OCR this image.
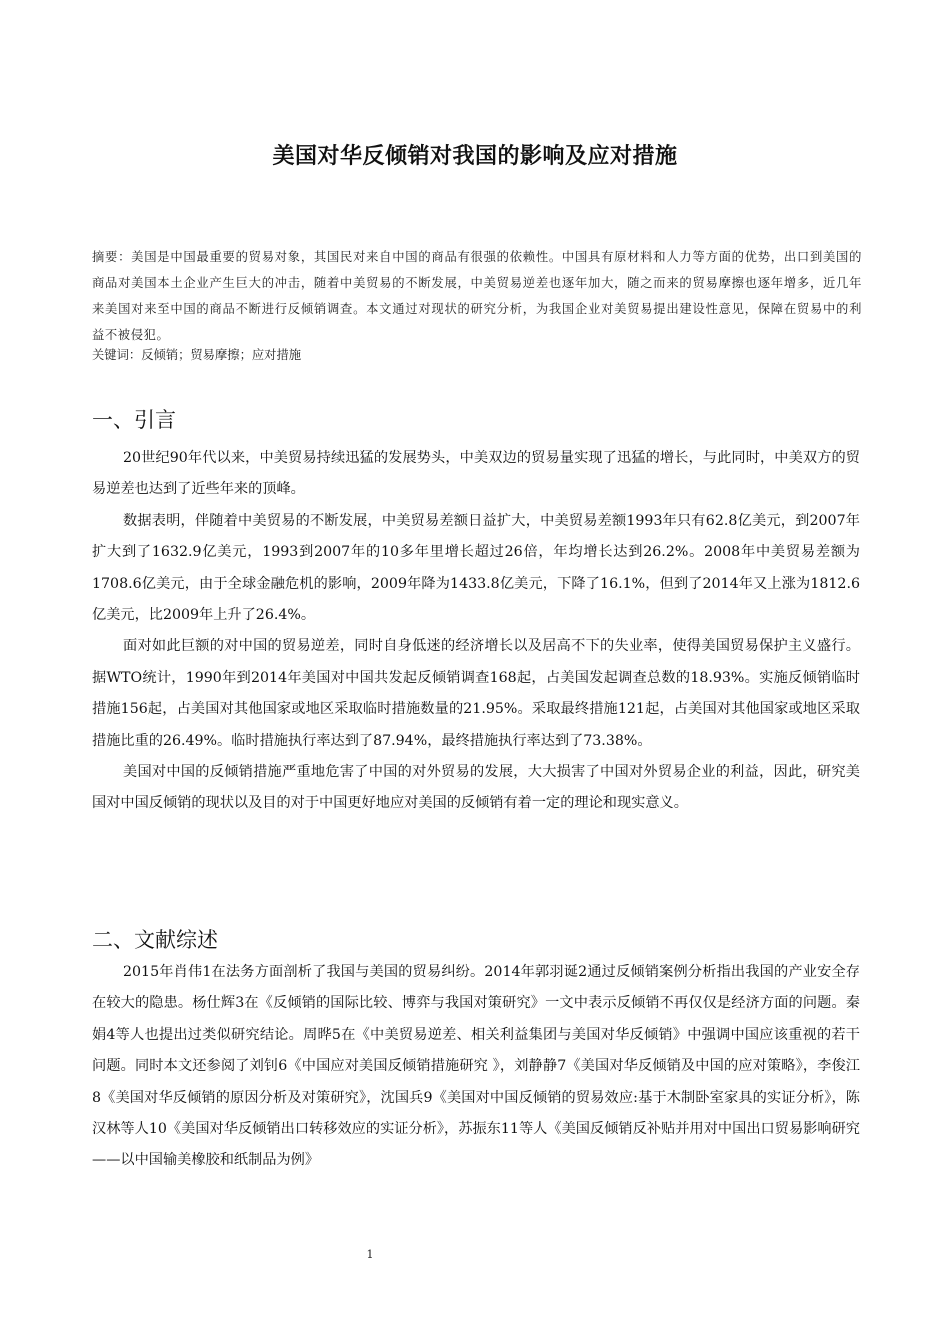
美国对华反倾销对我国的影响及应对措施

摘要：美国是中国最重要的贸易对象，其国民对来自中国的商品有很强的依赖性。中国具有原材料和人力等方面的优势，出口到美国的商品对美国本土企业产生巨大的冲击，随着中美贸易的不断发展，中美贸易逆差也逐年加大，随之而来的贸易摩擦也逐年增多，近几年来美国对来至中国的商品不断进行反倾销调查。本文通过对现状的研究分析，为我国企业对美贸易提出建设性意见，保障在贸易中的利益不被侵犯。

关键词：反倾销；贸易摩擦；应对措施

一、引言

20世纪90年代以来，中美贸易持续迅猛的发展势头，中美双边的贸易量实现了迅猛的增长，与此同时，中美双方的贸易逆差也达到了近些年来的顶峰。

数据表明，伴随着中美贸易的不断发展，中美贸易差额日益扩大，中美贸易差额1993年只有62.8亿美元，到2007年扩大到了1632.9亿美元，1993到2007年的10多年里增长超过26倍，年均增长达到26.2%。2008年中美贸易差额为1708.6亿美元，由于全球金融危机的影响，2009年降为1433.8亿美元，下降了16.1%，但到了2014年又上涨为1812.6亿美元，比2009年上升了26.4%。

面对如此巨额的对中国的贸易逆差，同时自身低迷的经济增长以及居高不下的失业率，使得美国贸易保护主义盛行。据WTO统计，1990年到2014年美国对中国共发起反倾销调查168起，占美国发起调查总数的18.93%。实施反倾销临时措施156起，占美国对其他国家或地区采取临时措施数量的21.95%。采取最终措施121起，占美国对其他国家或地区采取措施比重的26.49%。临时措施执行率达到了87.94%，最终措施执行率达到了73.38%。

美国对中国的反倾销措施严重地危害了中国的对外贸易的发展，大大损害了中国对外贸易企业的利益，因此，研究美国对中国反倾销的现状以及目的对于中国更好地应对美国的反倾销有着一定的理论和现实意义。

二、文献综述

2015年肖伟1在法务方面剖析了我国与美国的贸易纠纷。2014年郭羽诞2通过反倾销案例分析指出我国的产业安全存在较大的隐患。杨仕辉3在《反倾销的国际比较、博弈与我国对策研究》一文中表示反倾销不再仅仅是经济方面的问题。秦娟4等人也提出过类似研究结论。周晔5在《中美贸易逆差、相关利益集团与美国对华反倾销》中强调中国应该重视的若干问题。同时本文还参阅了刘钊6《中国应对美国反倾销措施研究 》，刘静静7《美国对华反倾销及中国的应对策略》，李俊江8《美国对华反倾销的原因分析及对策研究》，沈国兵9《美国对中国反倾销的贸易效应:基于木制卧室家具的实证分析》，陈汉林等人10《美国对华反倾销出口转移效应的实证分析》，苏振东11等人《美国反倾销反补贴并用对中国出口贸易影响研究——以中国输美橡胶和纸制品为例》

1
